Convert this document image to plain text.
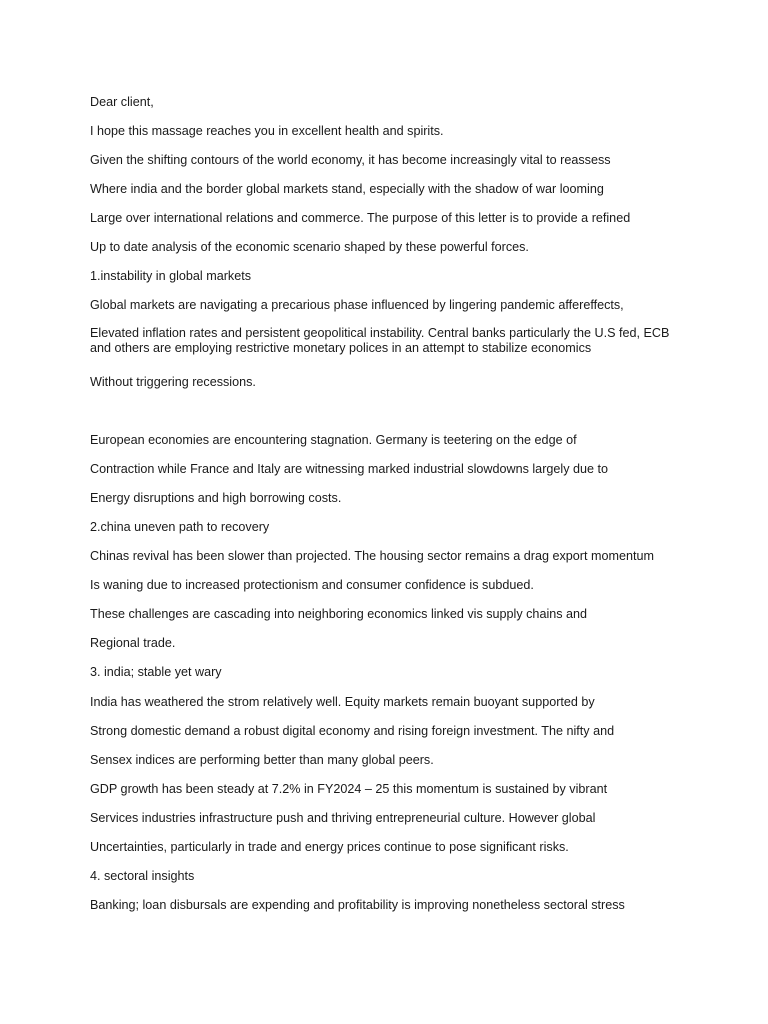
Dear client,
I hope this massage reaches you in excellent health and spirits.
Given the shifting contours of the world economy, it has become increasingly vital to reassess
Where india and the border global markets stand, especially with the shadow of war looming
Large over international relations and commerce. The purpose of this letter is to provide a refined
Up to date analysis of the economic scenario shaped by these powerful forces.
1.instability in global markets
Global markets are navigating a precarious phase influenced by lingering pandemic afferеffects,
Elevated inflation rates and persistent geopolitical instability. Central banks particularly the U.S fed, ECB and others are employing restrictive monetary polices in an attempt to stabilize economics
Without triggering recessions.
European economies are encountering stagnation. Germany is teetering on the edge of
Contraction while France and Italy are witnessing marked industrial slowdowns largely due to
Energy disruptions and high borrowing costs.
2.china uneven path to recovery
Chinas revival has been slower than projected. The housing sector remains a drag export momentum
Is waning due to increased protectionism and consumer confidence is subdued.
These challenges are cascading into neighboring economics linked vis supply chains and
Regional trade.
3. india; stable yet wary
India has weathered the strom relatively well. Equity markets remain buoyant supported by
Strong domestic demand a robust digital economy and rising foreign investment. The nifty and
Sensex indices are performing better than many global peers.
GDP growth has been steady at 7.2% in FY2024 – 25 this momentum is sustained by vibrant
Services industries infrastructure push and thriving entrepreneurial culture. However global
Uncertainties, particularly in trade and energy prices continue to pose significant risks.
4. sectoral insights
Banking; loan disbursals are expending and profitability is improving nonetheless sectoral stress
